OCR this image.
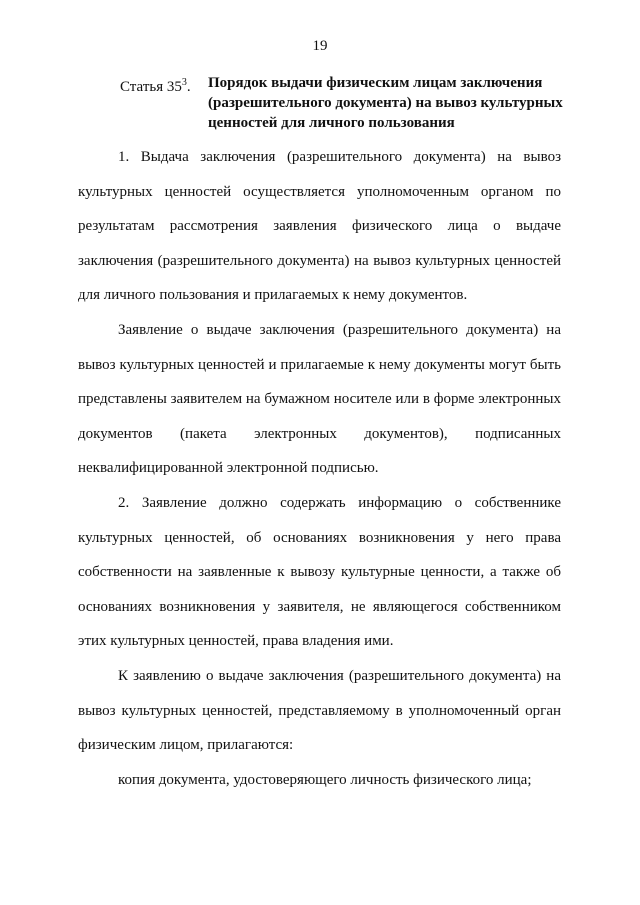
19
Статья $35^3$. Порядок выдачи физическим лицам заключения (разрешительного документа) на вывоз культурных ценностей для личного пользования

1. Выдача заключения (разрешительного документа) на вывоз культурных ценностей осуществляется уполномоченным органом по результатам рассмотрения заявления физического лица о выдаче заключения (разрешительного документа) на вывоз культурных ценностей для личного пользования и прилагаемых к нему документов.

Заявление о выдаче заключения (разрешительного документа) на вывоз культурных ценностей и прилагаемые к нему документы могут быть представлены заявителем на бумажном носителе или в форме электронных документов (пакета электронных документов), подписанных неквалифицированной электронной подписью.

2. Заявление должно содержать информацию о собственнике культурных ценностей, об основаниях возникновения у него права собственности на заявленные к вывозу культурные ценности, а также об основаниях возникновения у заявителя, не являющегося собственником этих культурных ценностей, права владения ими.

К заявлению о выдаче заключения (разрешительного документа) на вывоз культурных ценностей, представляемому в уполномоченный орган физическим лицом, прилагаются:

копия документа, удостоверяющего личность физического лица;
